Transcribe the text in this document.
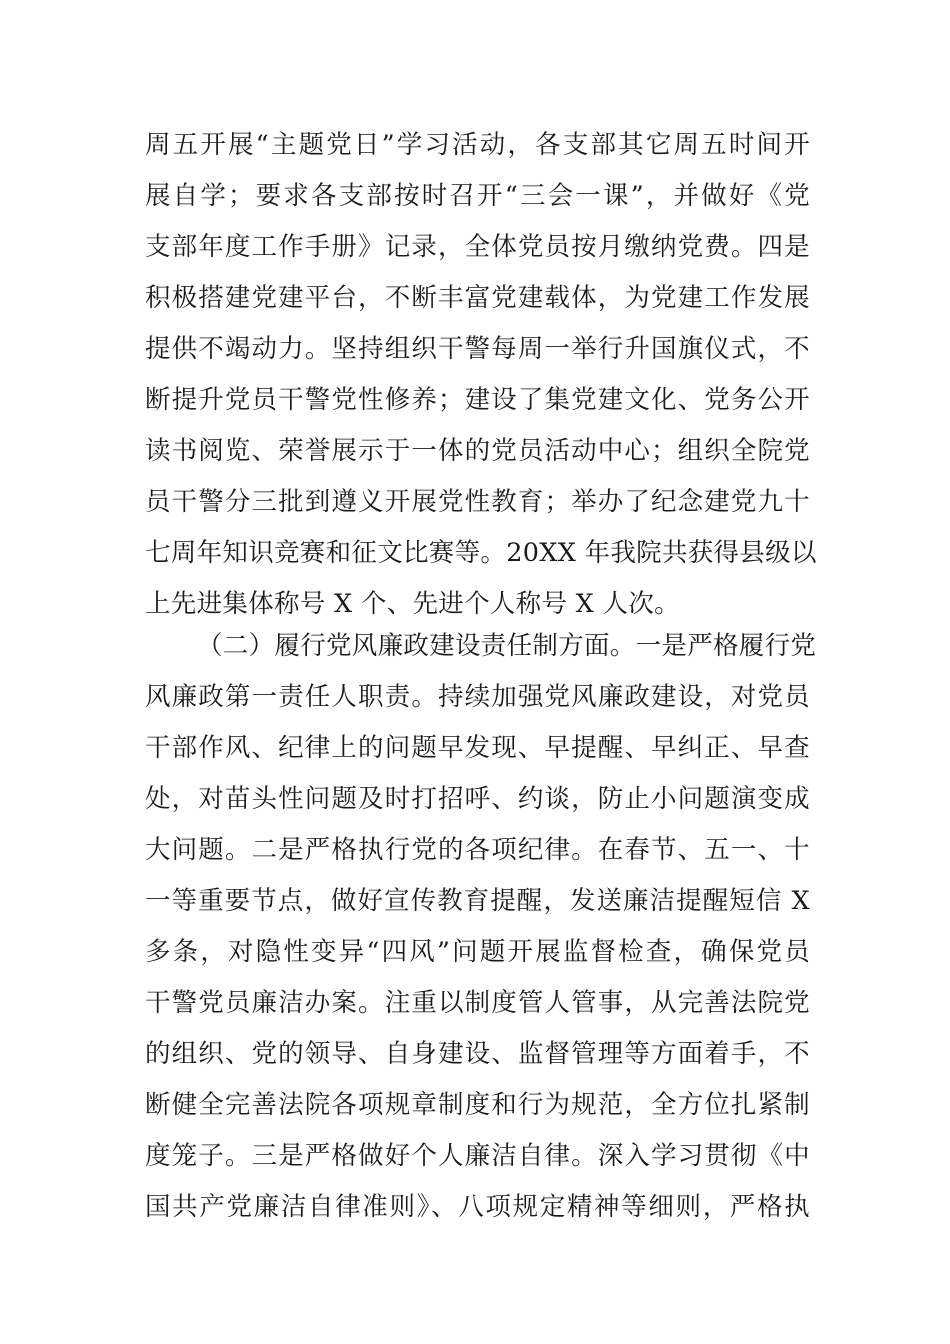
周五开展“主题党日”学习活动，各支部其它周五时间开
展自学；要求各支部按时召开“三会一课”，并做好《党
支部年度工作手册》记录，全体党员按月缴纳党费。四是
积极搭建党建平台，不断丰富党建载体，为党建工作发展
提供不竭动力。坚持组织干警每周一举行升国旗仪式，不
断提升党员干警党性修养；建设了集党建文化、党务公开
读书阅览、荣誉展示于一体的党员活动中心；组织全院党
员干警分三批到遵义开展党性教育；举办了纪念建党九十
七周年知识竞赛和征文比赛等。20XX 年我院共获得县级以
上先进集体称号 X 个、先进个人称号 X 人次。
（二）履行党风廉政建设责任制方面。一是严格履行党
风廉政第一责任人职责。持续加强党风廉政建设，对党员
干部作风、纪律上的问题早发现、早提醒、早纠正、早查
处，对苗头性问题及时打招呼、约谈，防止小问题演变成
大问题。二是严格执行党的各项纪律。在春节、五一、十
一等重要节点，做好宣传教育提醒，发送廉洁提醒短信 X
多条，对隐性变异“四风”问题开展监督检查，确保党员
干警党员廉洁办案。注重以制度管人管事，从完善法院党
的组织、党的领导、自身建设、监督管理等方面着手，不
断健全完善法院各项规章制度和行为规范，全方位扎紧制
度笼子。三是严格做好个人廉洁自律。深入学习贯彻《中
国共产党廉洁自律准则》、八项规定精神等细则，严格执
